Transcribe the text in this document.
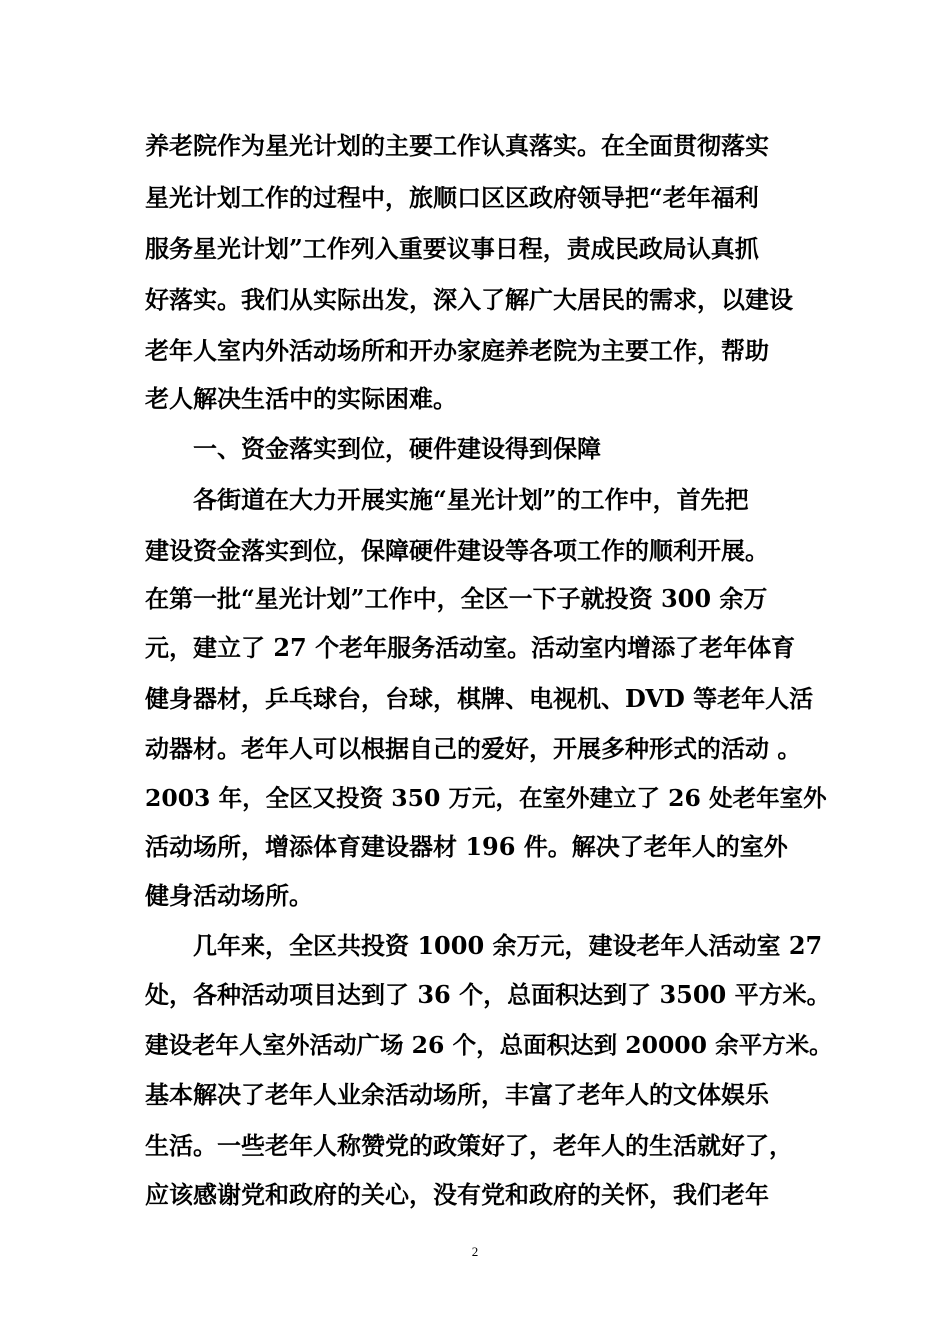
养老院作为星光计划的主要工作认真落实。在全面贯彻落实
星光计划工作的过程中，旅顺口区区政府领导把“老年福利
服务星光计划”工作列入重要议事日程，责成民政局认真抓
好落实。我们从实际出发，深入了解广大居民的需求，以建设
老年人室内外活动场所和开办家庭养老院为主要工作，帮助
老人解决生活中的实际困难。
一、资金落实到位，硬件建设得到保障
各街道在大力开展实施“星光计划”的工作中，首先把
建设资金落实到位，保障硬件建设等各项工作的顺利开展。
在第一批“星光计划”工作中，全区一下子就投资 300 余万
元，建立了 27 个老年服务活动室。活动室内增添了老年体育
健身器材，乒乓球台，台球，棋牌、电视机、DVD 等老年人活
动器材。老年人可以根据自己的爱好，开展多种形式的活动 。
2003 年，全区又投资 350 万元，在室外建立了 26 处老年室外
活动场所，增添体育建设器材 196 件。解决了老年人的室外
健身活动场所。
几年来，全区共投资 1000 余万元，建设老年人活动室 27
处，各种活动项目达到了 36 个，总面积达到了 3500 平方米。
建设老年人室外活动广场 26 个，总面积达到 20000 余平方米。
基本解决了老年人业余活动场所，丰富了老年人的文体娱乐
生活。一些老年人称赞党的政策好了，老年人的生活就好了，
应该感谢党和政府的关心，没有党和政府的关怀，我们老年
2
